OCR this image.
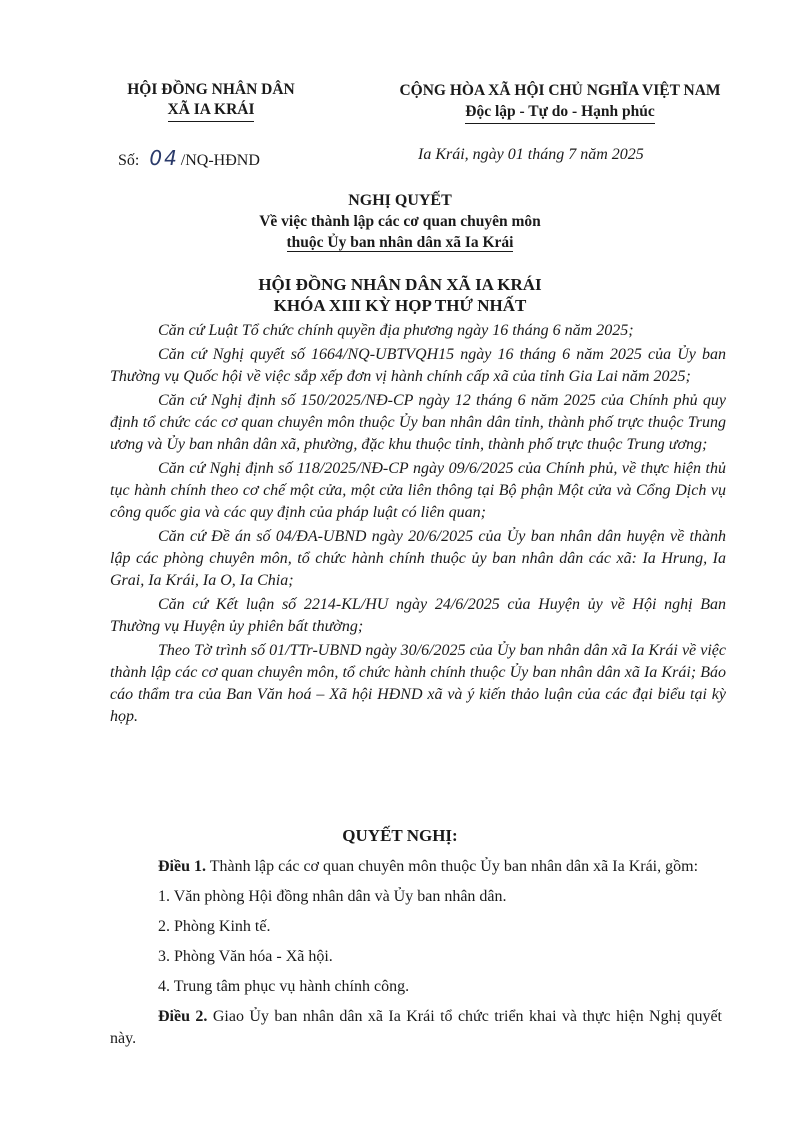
HỘI ĐỒNG NHÂN DÂN
XÃ IA KRÁI
CỘNG HÒA XÃ HỘI CHỦ NGHĨA VIỆT NAM
Độc lập - Tự do - Hạnh phúc
Số: 04 /NQ-HĐND	Ia Krái, ngày 01 tháng 7 năm 2025
NGHỊ QUYẾT
Về việc thành lập các cơ quan chuyên môn
thuộc Ủy ban nhân dân xã Ia Krái
HỘI ĐỒNG NHÂN DÂN XÃ IA KRÁI
KHÓA XIII KỲ HỌP THỨ NHẤT

Căn cứ Luật Tổ chức chính quyền địa phương ngày 16 tháng 6 năm 2025;

Căn cứ Nghị quyết số 1664/NQ-UBTVQH15 ngày 16 tháng 6 năm 2025 của Ủy ban Thường vụ Quốc hội về việc sắp xếp đơn vị hành chính cấp xã của tỉnh Gia Lai năm 2025;

Căn cứ Nghị định số 150/2025/NĐ-CP ngày 12 tháng 6 năm 2025 của Chính phủ quy định tổ chức các cơ quan chuyên môn thuộc Ủy ban nhân dân tỉnh, thành phố trực thuộc Trung ương và Ủy ban nhân dân xã, phường, đặc khu thuộc tỉnh, thành phố trực thuộc Trung ương;

Căn cứ Nghị định số 118/2025/NĐ-CP ngày 09/6/2025 của Chính phủ, về thực hiện thủ tục hành chính theo cơ chế một cửa, một cửa liên thông tại Bộ phận Một cửa và Cổng Dịch vụ công quốc gia và các quy định của pháp luật có liên quan;

Căn cứ Đề án số 04/ĐA-UBND ngày 20/6/2025 của Ủy ban nhân dân huyện về thành lập các phòng chuyên môn, tổ chức hành chính thuộc ủy ban nhân dân các xã: Ia Hrung, Ia Grai, Ia Krái, Ia O, Ia Chia;

Căn cứ Kết luận số 2214-KL/HU ngày 24/6/2025 của Huyện ủy về Hội nghị Ban Thường vụ Huyện ủy phiên bất thường;

Theo Tờ trình số 01/TTr-UBND ngày 30/6/2025 của Ủy ban nhân dân xã Ia Krái về việc thành lập các cơ quan chuyên môn, tổ chức hành chính thuộc Ủy ban nhân dân xã Ia Krái; Báo cáo thẩm tra của Ban Văn hoá – Xã hội HĐND xã và ý kiến thảo luận của các đại biểu tại kỳ họp.

QUYẾT NGHỊ:

Điều 1. Thành lập các cơ quan chuyên môn thuộc Ủy ban nhân dân xã Ia Krái, gồm:

1. Văn phòng Hội đồng nhân dân và Ủy ban nhân dân.

2. Phòng Kinh tế.

3. Phòng Văn hóa - Xã hội.

4. Trung tâm phục vụ hành chính công.

Điều 2. Giao Ủy ban nhân dân xã Ia Krái tổ chức triển khai và thực hiện Nghị quyết này.
